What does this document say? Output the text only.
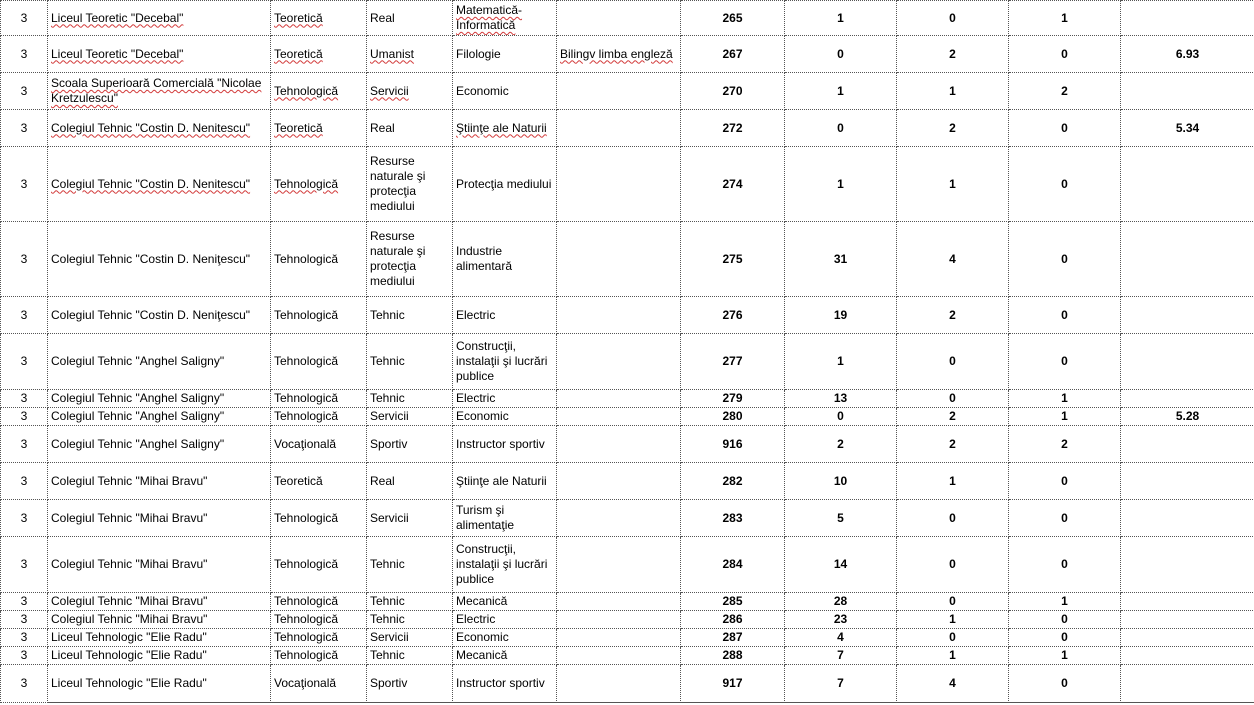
3	Liceul Teoretic "Decebal"	Teoretică	Real	Matematică-Informatică		265	1	0	1	
3	Liceul Teoretic "Decebal"	Teoretică	Umanist	Filologie	Bilingv limba engleză	267	0	2	0	6.93
3	Scoala Superioară Comercială "Nicolae Kretzulescu"	Tehnologică	Servicii	Economic		270	1	1	2	
3	Colegiul Tehnic "Costin D. Nenitescu"	Teoretică	Real	Ştiinţe ale Naturii		272	0	2	0	5.34
3	Colegiul Tehnic "Costin D. Nenitescu"	Tehnologică	Resurse naturale şi protecţia mediului	Protecţia mediului		274	1	1	0	
3	Colegiul Tehnic "Costin D. Neniţescu"	Tehnologică	Resurse naturale şi protecţia mediului	Industrie alimentară		275	31	4	0	
3	Colegiul Tehnic "Costin D. Neniţescu"	Tehnologică	Tehnic	Electric		276	19	2	0	
3	Colegiul Tehnic "Anghel Saligny"	Tehnologică	Tehnic	Construcţii, instalaţii şi lucrări publice		277	1	0	0	
3	Colegiul Tehnic "Anghel Saligny"	Tehnologică	Tehnic	Electric		279	13	0	1	
3	Colegiul Tehnic "Anghel Saligny"	Tehnologică	Servicii	Economic		280	0	2	1	5.28
3	Colegiul Tehnic "Anghel Saligny"	Vocaţională	Sportiv	Instructor sportiv		916	2	2	2	
3	Colegiul Tehnic "Mihai Bravu"	Teoretică	Real	Ştiinţe ale Naturii		282	10	1	0	
3	Colegiul Tehnic "Mihai Bravu"	Tehnologică	Servicii	Turism şi alimentaţie		283	5	0	0	
3	Colegiul Tehnic "Mihai Bravu"	Tehnologică	Tehnic	Construcţii, instalaţii şi lucrări publice		284	14	0	0	
3	Colegiul Tehnic "Mihai Bravu"	Tehnologică	Tehnic	Mecanică		285	28	0	1	
3	Colegiul Tehnic "Mihai Bravu"	Tehnologică	Tehnic	Electric		286	23	1	0	
3	Liceul Tehnologic "Elie Radu"	Tehnologică	Servicii	Economic		287	4	0	0	
3	Liceul Tehnologic "Elie Radu"	Tehnologică	Tehnic	Mecanică		288	7	1	1	
3	Liceul Tehnologic "Elie Radu"	Vocaţională	Sportiv	Instructor sportiv		917	7	4	0	
